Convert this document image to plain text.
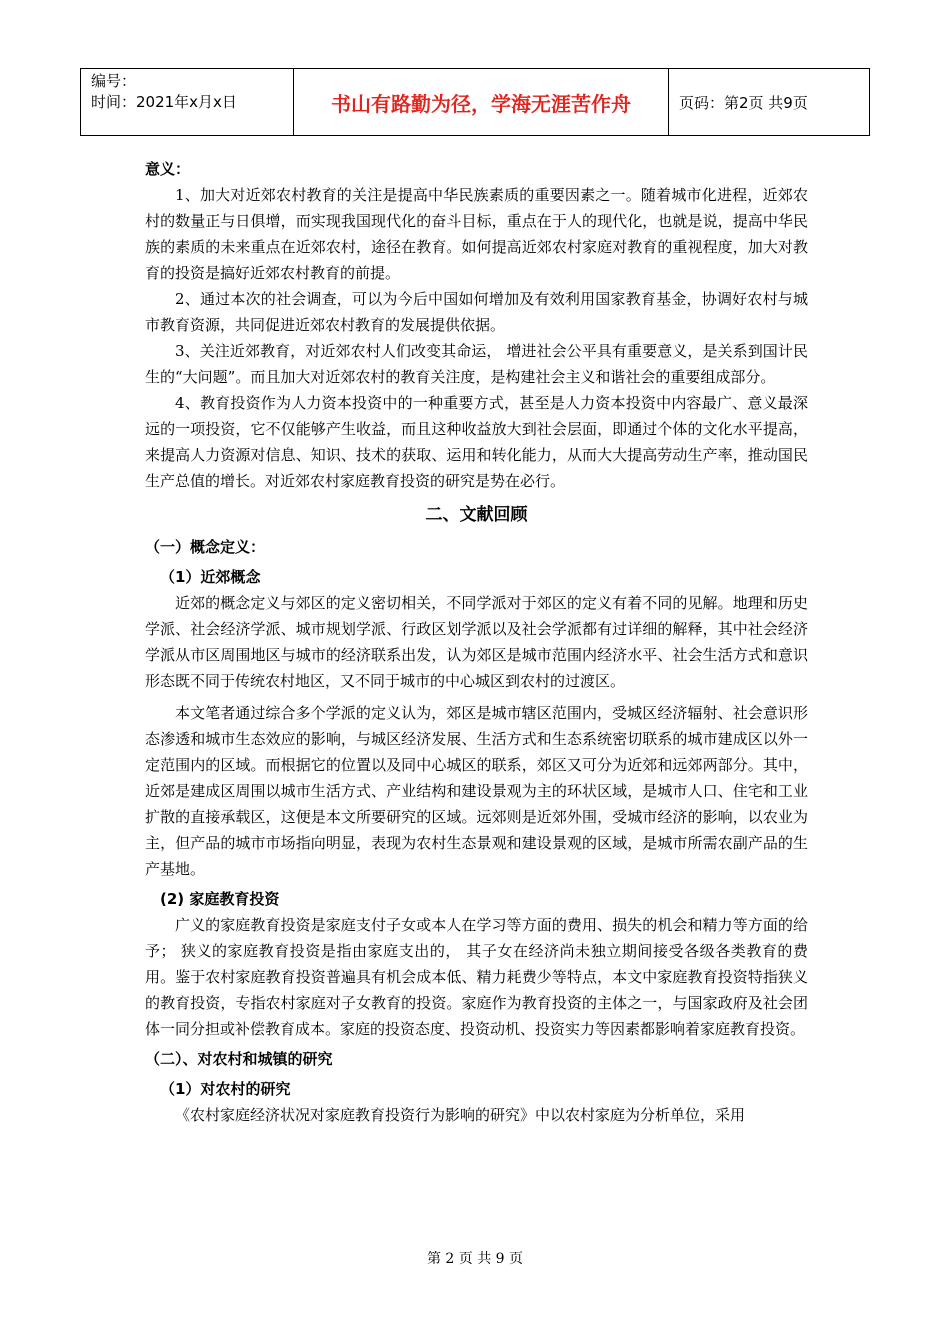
编号：
时间：2021年x月x日	书山有路勤为径，学海无涯苦作舟	页码：第2页 共9页

意义：

1、加大对近郊农村教育的关注是提高中华民族素质的重要因素之一。随着城市化进程，近郊农村的数量正与日俱增，而实现我国现代化的奋斗目标，重点在于人的现代化，也就是说，提高中华民族的素质的未来重点在近郊农村，途径在教育。如何提高近郊农村家庭对教育的重视程度，加大对教育的投资是搞好近郊农村教育的前提。

2、通过本次的社会调查，可以为今后中国如何增加及有效利用国家教育基金，协调好农村与城市教育资源，共同促进近郊农村教育的发展提供依据。

3、关注近郊教育，对近郊农村人们改变其命运， 增进社会公平具有重要意义，是关系到国计民生的“大问题”。而且加大对近郊农村的教育关注度，是构建社会主义和谐社会的重要组成部分。

4、教育投资作为人力资本投资中的一种重要方式，甚至是人力资本投资中内容最广、意义最深远的一项投资，它不仅能够产生收益，而且这种收益放大到社会层面，即通过个体的文化水平提高，来提高人力资源对信息、知识、技术的获取、运用和转化能力，从而大大提高劳动生产率，推动国民生产总值的增长。对近郊农村家庭教育投资的研究是势在必行。

二、文献回顾

（一）概念定义：

（1）近郊概念

近郊的概念定义与郊区的定义密切相关，不同学派对于郊区的定义有着不同的见解。地理和历史学派、社会经济学派、城市规划学派、行政区划学派以及社会学派都有过详细的解释，其中社会经济学派从市区周围地区与城市的经济联系出发，认为郊区是城市范围内经济水平、社会生活方式和意识形态既不同于传统农村地区，又不同于城市的中心城区到农村的过渡区。

本文笔者通过综合多个学派的定义认为，郊区是城市辖区范围内，受城区经济辐射、社会意识形态渗透和城市生态效应的影响，与城区经济发展、生活方式和生态系统密切联系的城市建成区以外一定范围内的区域。而根据它的位置以及同中心城区的联系，郊区又可分为近郊和远郊两部分。其中，近郊是建成区周围以城市生活方式、产业结构和建设景观为主的环状区域，是城市人口、住宅和工业扩散的直接承载区，这便是本文所要研究的区域。远郊则是近郊外围，受城市经济的影响，以农业为主，但产品的城市市场指向明显，表现为农村生态景观和建设景观的区域，是城市所需农副产品的生产基地。

(2) 家庭教育投资

广义的家庭教育投资是家庭支付子女或本人在学习等方面的费用、损失的机会和精力等方面的给予； 狭义的家庭教育投资是指由家庭支出的， 其子女在经济尚未独立期间接受各级各类教育的费用。鉴于农村家庭教育投资普遍具有机会成本低、精力耗费少等特点，本文中家庭教育投资特指狭义的教育投资，专指农村家庭对子女教育的投资。家庭作为教育投资的主体之一，与国家政府及社会团体一同分担或补偿教育成本。家庭的投资态度、投资动机、投资实力等因素都影响着家庭教育投资。

（二）、对农村和城镇的研究

（1）对农村的研究

《农村家庭经济状况对家庭教育投资行为影响的研究》中以农村家庭为分析单位，采用

第 2 页 共 9 页
